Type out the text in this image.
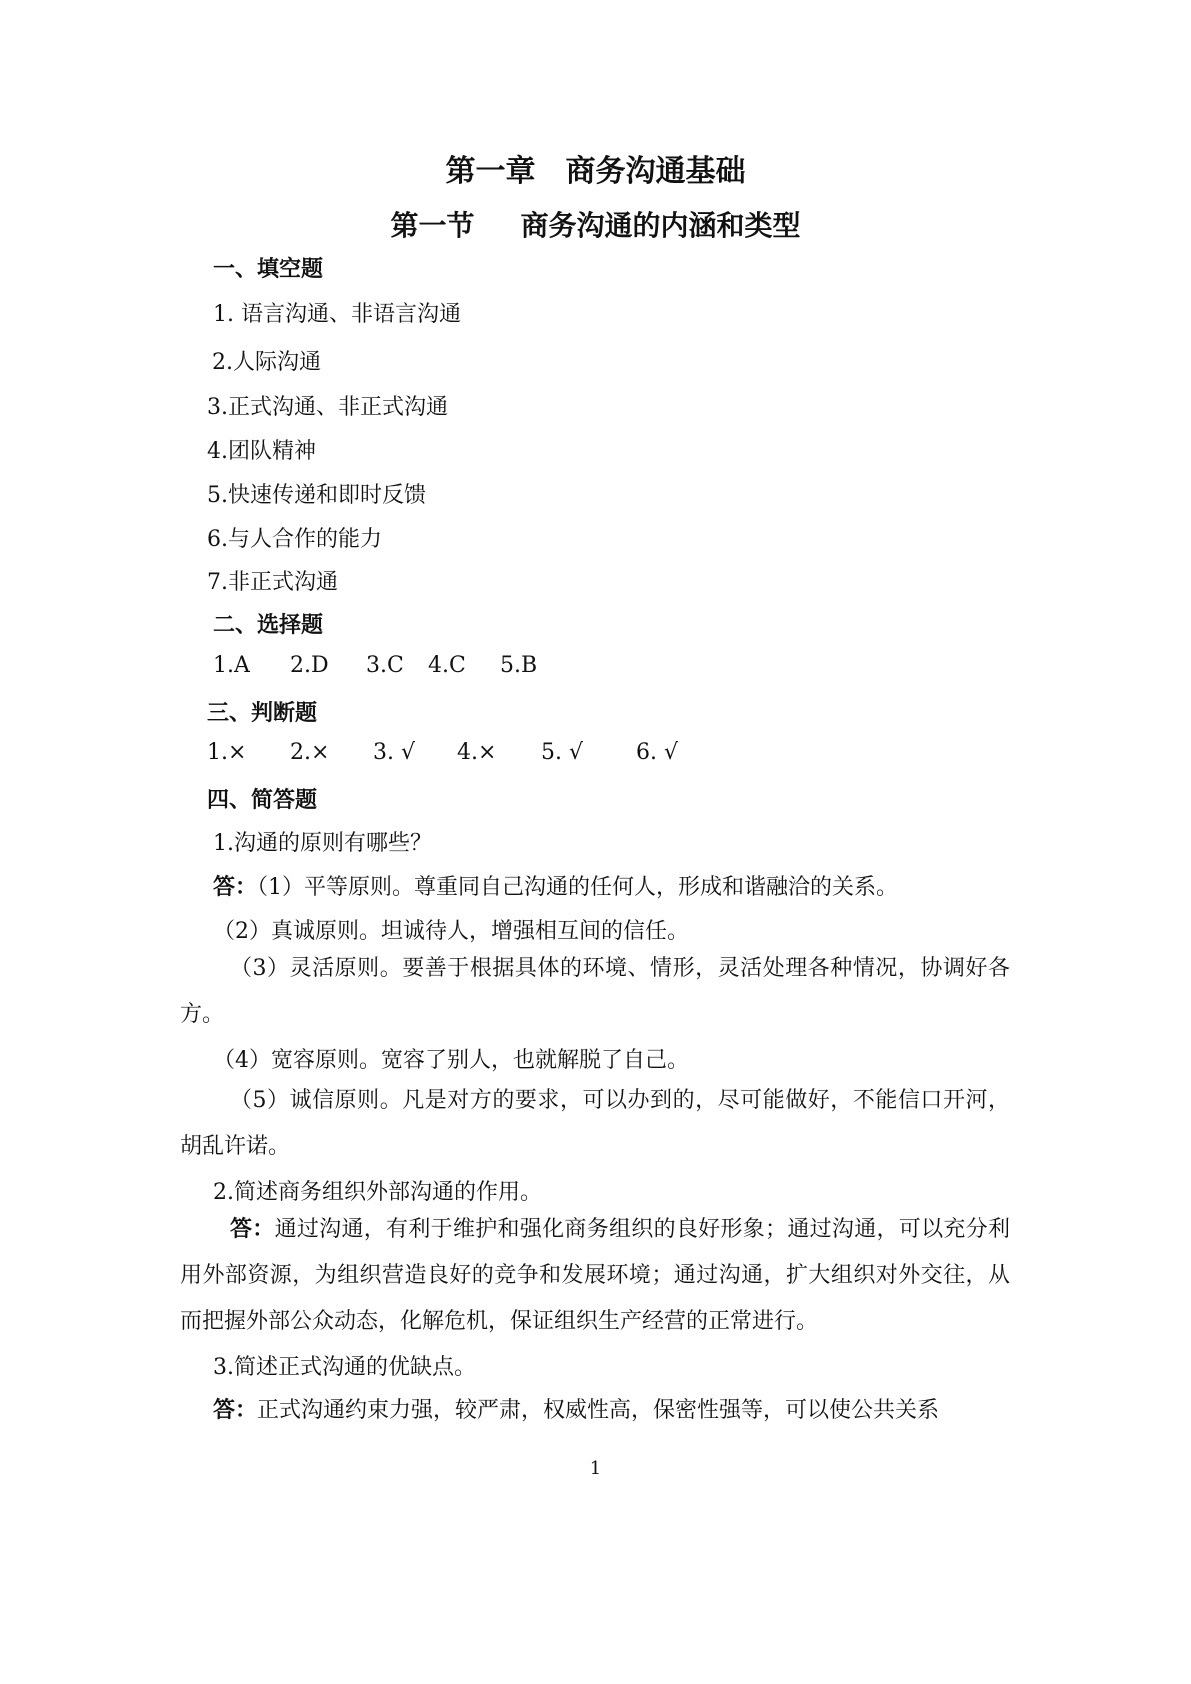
第一章　商务沟通基础
第一节 商务沟通的内涵和类型
一、填空题
1. 语言沟通、非语言沟通
2.人际沟通
3.正式沟通、非正式沟通
4.团队精神
5.快速传递和即时反馈
6.与人合作的能力
7.非正式沟通
二、选择题
1.A 2.D 3.C 4.C 5.B
三、判断题
1.× 2.× 3. √ 4.× 5. √ 6. √
四、简答题
1.沟通的原则有哪些？
答：（1）平等原则。尊重同自己沟通的任何人，形成和谐融洽的关系。
（2）真诚原则。坦诚待人，增强相互间的信任。
（3）灵活原则。要善于根据具体的环境、情形，灵活处理各种情况，协调好各方。
（4）宽容原则。宽容了别人，也就解脱了自己。
（5）诚信原则。凡是对方的要求，可以办到的，尽可能做好，不能信口开河，胡乱许诺。
2.简述商务组织外部沟通的作用。
答：通过沟通，有利于维护和强化商务组织的良好形象；通过沟通，可以充分利用外部资源，为组织营造良好的竞争和发展环境；通过沟通，扩大组织对外交往，从而把握外部公众动态，化解危机，保证组织生产经营的正常进行。
3.简述正式沟通的优缺点。
答：正式沟通约束力强，较严肃，权威性高，保密性强等，可以使公共关系
1
